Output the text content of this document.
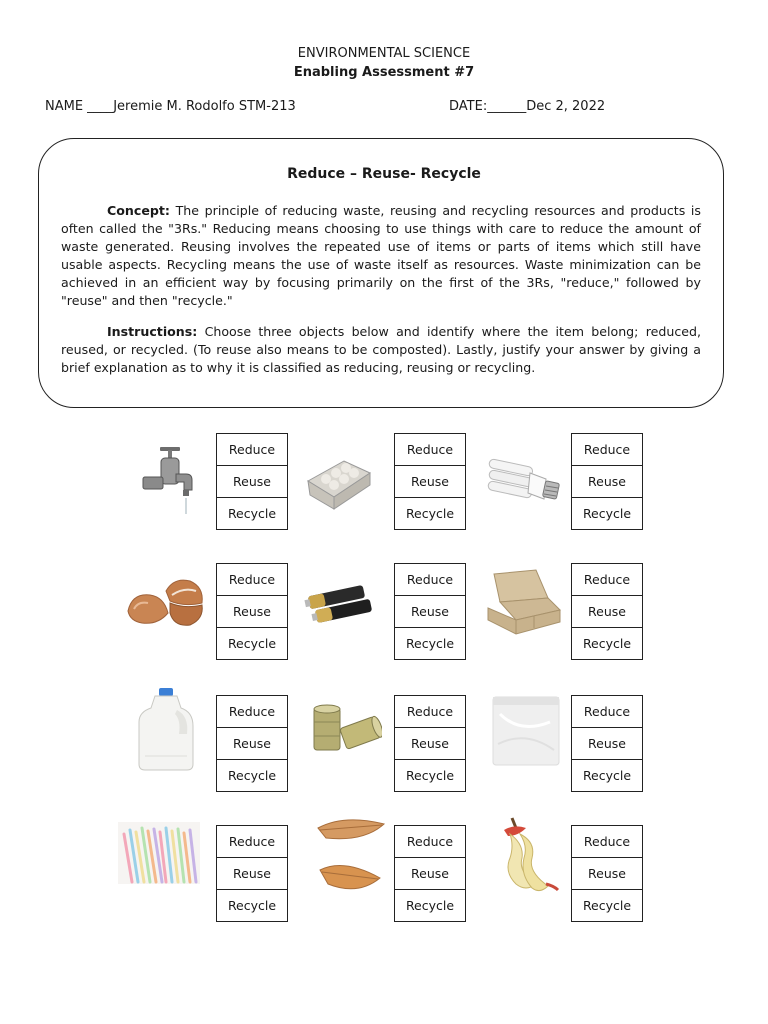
ENVIRONMENTAL SCIENCE
Enabling Assessment #7
NAME ____Jeremie M. Rodolfo STM-213	DATE:______Dec 2, 2022
Reduce – Reuse- Recycle

Concept: The principle of reducing waste, reusing and recycling resources and products is often called the "3Rs." Reducing means choosing to use things with care to reduce the amount of waste generated. Reusing involves the repeated use of items or parts of items which still have usable aspects. Recycling means the use of waste itself as resources. Waste minimization can be achieved in an efficient way by focusing primarily on the first of the 3Rs, "reduce," followed by "reuse" and then "recycle."

Instructions: Choose three objects below and identify where the item belong; reduced, reused, or recycled. (To reuse also means to be composted). Lastly, justify your answer by giving a brief explanation as to why it is classified as reducing, reusing or recycling.

Reduce
Reuse
Recycle
Reduce
Reuse
Recycle
Reduce
Reuse
Recycle
Reduce
Reuse
Recycle
Reduce
Reuse
Recycle
Reduce
Reuse
Recycle
Reduce
Reuse
Recycle
Reduce
Reuse
Recycle
Reduce
Reuse
Recycle
Reduce
Reuse
Recycle
Reduce
Reuse
Recycle
Reduce
Reuse
Recycle
